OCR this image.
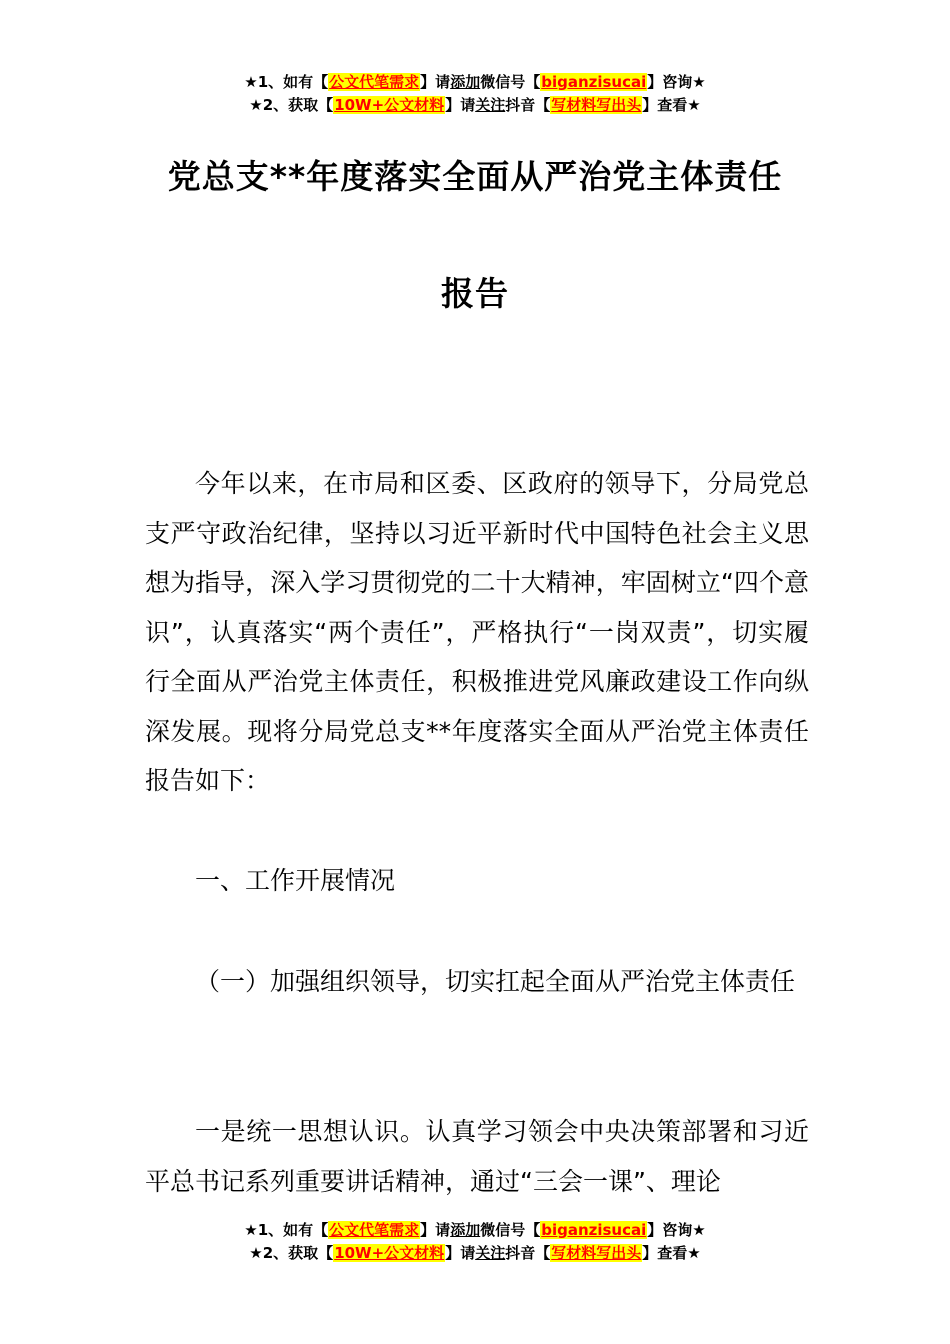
★1、如有【公文代笔需求】请添加微信号【biganzisucai】咨询★
★2、获取【10W+公文材料】请关注抖音【写材料写出头】查看★
党总支**年度落实全面从严治党主体责任
报告
今年以来，在市局和区委、区政府的领导下，分局党总支严守政治纪律，坚持以习近平新时代中国特色社会主义思想为指导，深入学习贯彻党的二十大精神，牢固树立“四个意识”，认真落实“两个责任”，严格执行“一岗双责”，切实履行全面从严治党主体责任，积极推进党风廉政建设工作向纵深发展。现将分局党总支**年度落实全面从严治党主体责任报告如下：
一、工作开展情况
（一）加强组织领导，切实扛起全面从严治党主体责任
一是统一思想认识。认真学习领会中央决策部署和习近平总书记系列重要讲话精神，通过“三会一课”、理论
★1、如有【公文代笔需求】请添加微信号【biganzisucai】咨询★
★2、获取【10W+公文材料】请关注抖音【写材料写出头】查看★
